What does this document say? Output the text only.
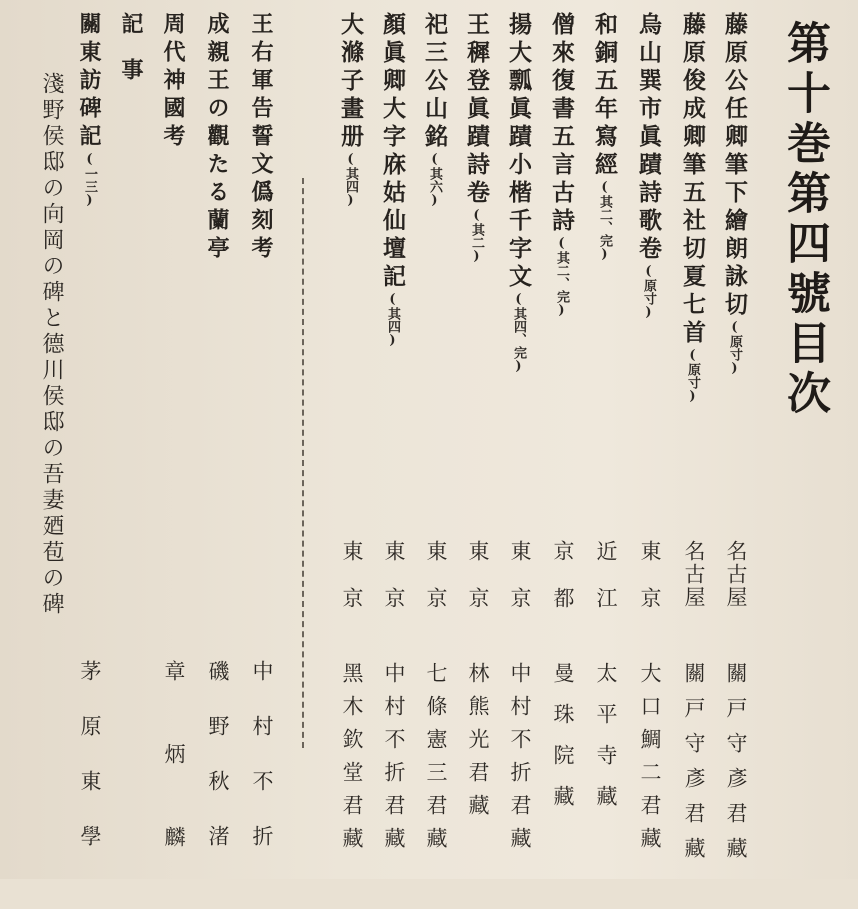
第十巻第四號目次
藤原公任卿筆下繪朗詠切(原寸)
藤原俊成卿筆五社切夏七首(原寸)
烏山巽市眞蹟詩歌卷(原寸)
和銅五年寫經(其二、完)
僧來復書五言古詩(其二、完)
揚大瓢眞蹟小楷千字文(其四、完)
王穉登眞蹟詩卷(其二)
祀三公山銘(其六)
顏眞卿大字庥姑仙壇記(其四)
大滌子畫册(其四)
名古屋
關戸守彥君藏
名古屋
關戸守彥君藏
東京
大口鯛二君藏
近江
太平寺藏
京都
曼珠院藏
東京
中村不折君藏
東京
林熊光君藏
東京
七條憲三君藏
東京
中村不折君藏
東京
黑木欽堂君藏
王右軍告誓文僞刻考
成親王の觀たる蘭亭
周代神國考
記事
關東訪碑記(一三)
淺野侯邸の向岡の碑と德川侯邸の吾妻廼苞の碑
中村不折
磯野秋渚
章炳麟
茅原東學
